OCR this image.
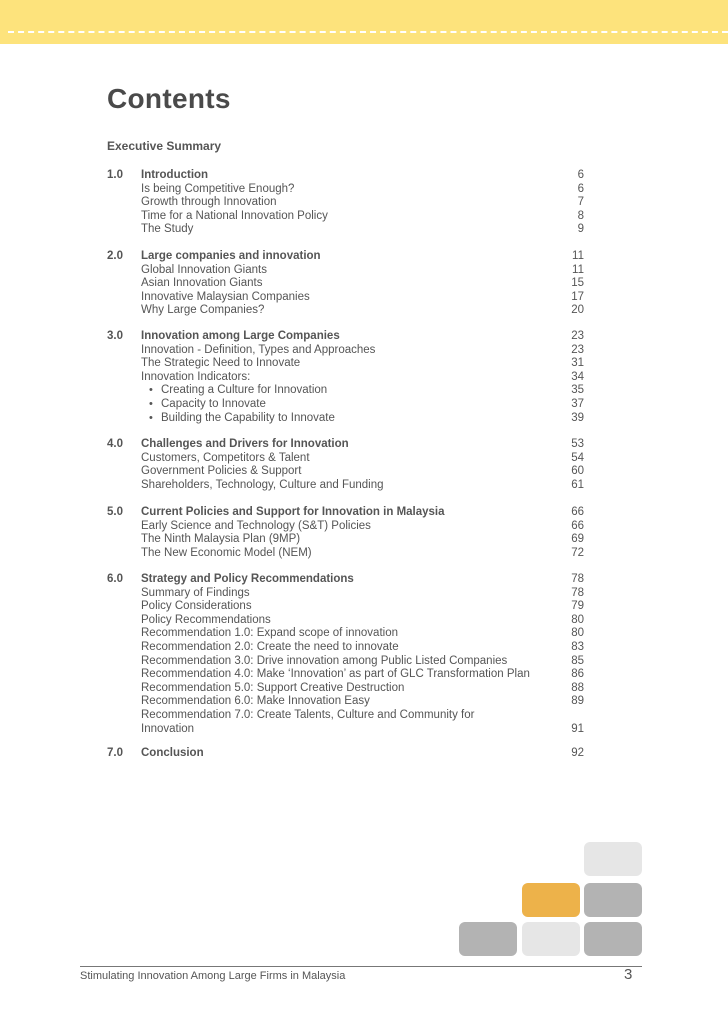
Contents
Executive Summary
1.0 Introduction	6
Is being Competitive Enough?	6
Growth through Innovation	7
Time for a National Innovation Policy	8
The Study	9
2.0 Large companies and innovation	11
Global Innovation Giants	11
Asian Innovation Giants	15
Innovative Malaysian Companies	17
Why Large Companies?	20
3.0 Innovation among Large Companies	23
Innovation - Definition, Types and Approaches	23
The Strategic Need to Innovate	31
Innovation Indicators:	34
• Creating a Culture for Innovation	35
• Capacity to Innovate	37
• Building the Capability to Innovate	39
4.0 Challenges and Drivers for Innovation	53
Customers, Competitors & Talent	54
Government Policies & Support	60
Shareholders, Technology, Culture and Funding	61
5.0 Current Policies and Support for Innovation in Malaysia	66
Early Science and Technology (S&T) Policies	66
The Ninth Malaysia Plan (9MP)	69
The New Economic Model (NEM)	72
6.0 Strategy and Policy Recommendations	78
Summary of Findings	78
Policy Considerations	79
Policy Recommendations	80
Recommendation 1.0: Expand scope of innovation	80
Recommendation 2.0: Create the need to innovate	83
Recommendation 3.0: Drive innovation among Public Listed Companies	85
Recommendation 4.0: Make ‘Innovation’ as part of GLC Transformation Plan	86
Recommendation 5.0: Support Creative Destruction	88
Recommendation 6.0: Make Innovation Easy	89
Recommendation 7.0: Create Talents, Culture and Community for
Innovation	91
7.0 Conclusion	92
Stimulating Innovation Among Large Firms in Malaysia	3
